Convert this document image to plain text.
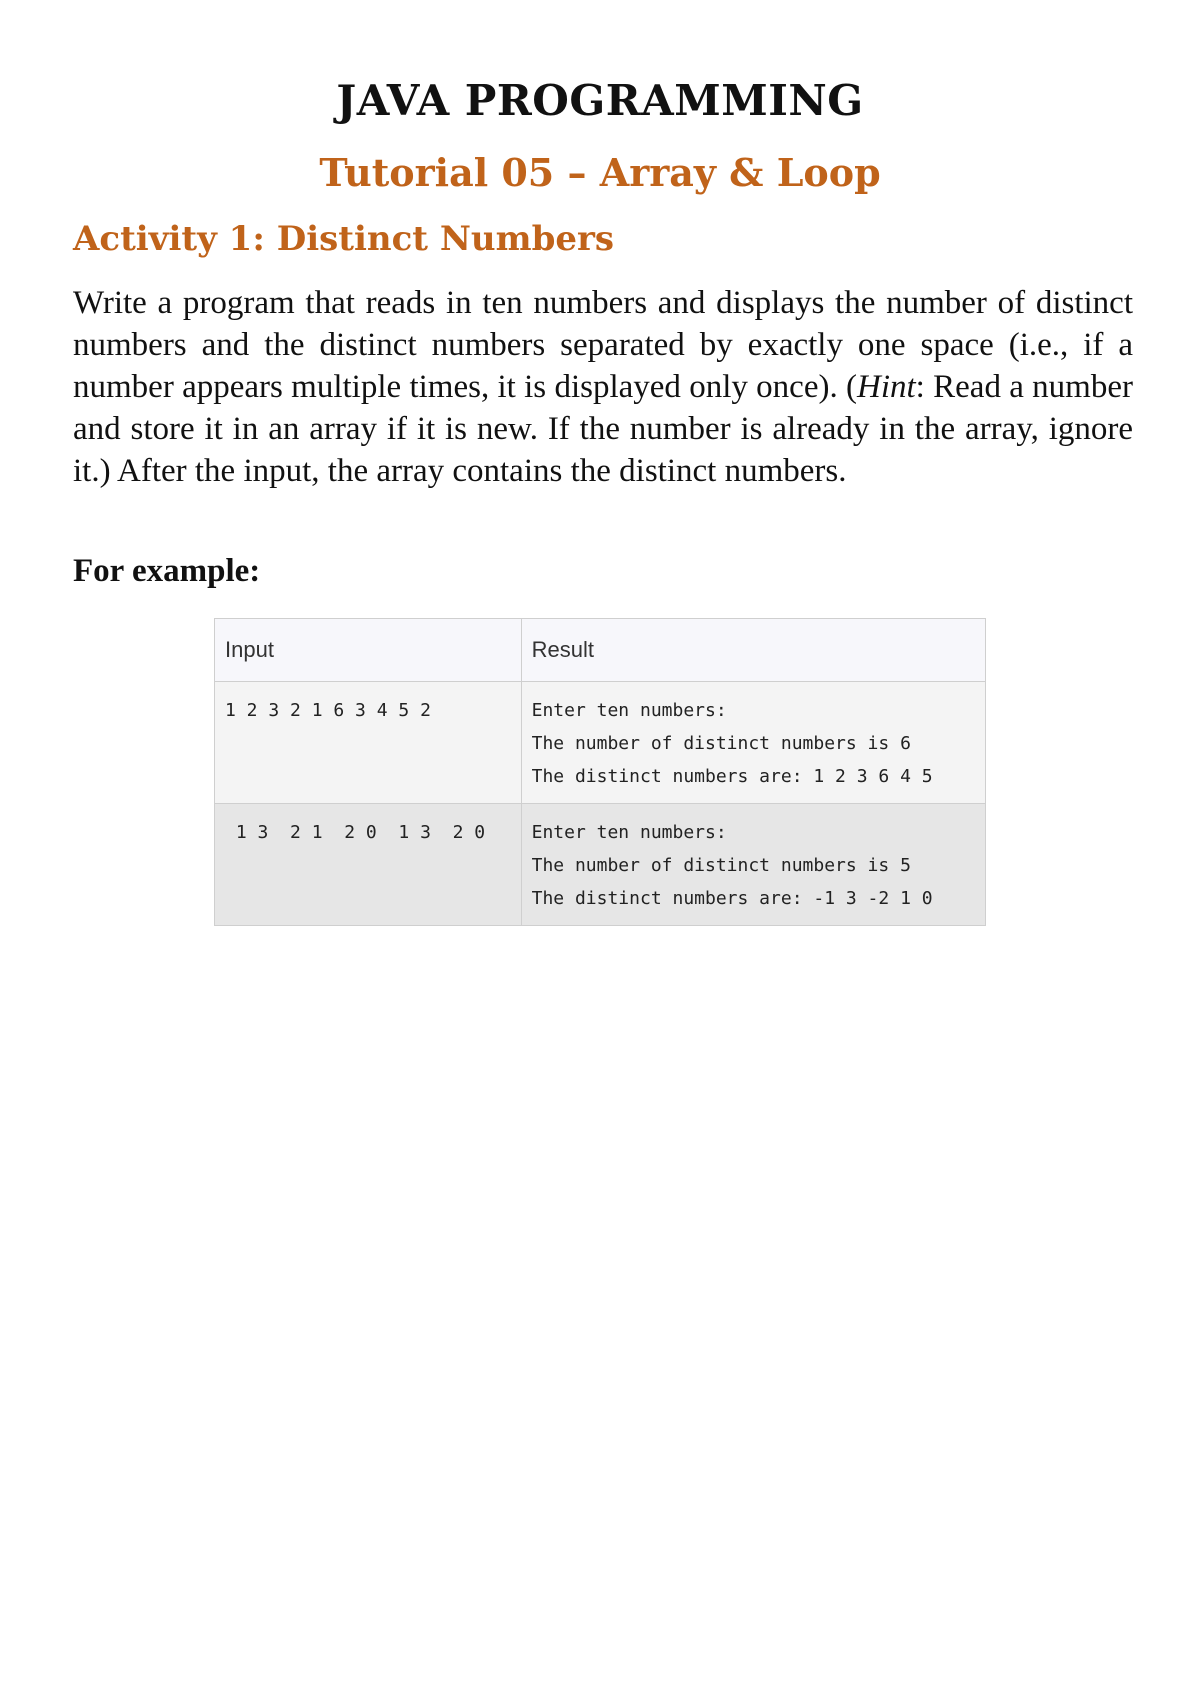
JAVA PROGRAMMING
Tutorial 05 – Array & Loop
Activity 1: Distinct Numbers

Write a program that reads in ten numbers and displays the number of distinct numbers and the distinct numbers separated by exactly one space (i.e., if a number appears multiple times, it is displayed only once). (Hint: Read a number and store it in an array if it is new. If the number is already in the array, ignore it.) After the input, the array contains the distinct numbers.

For example:
Input	Result
1 2 3 2 1 6 3 4 5 2	Enter ten numbers:
The number of distinct numbers is 6
The distinct numbers are: 1 2 3 6 4 5

1 3  2 1  2 0  1 3  2 0	Enter ten numbers:
The number of distinct numbers is 5
The distinct numbers are: -1 3 -2 1 0
